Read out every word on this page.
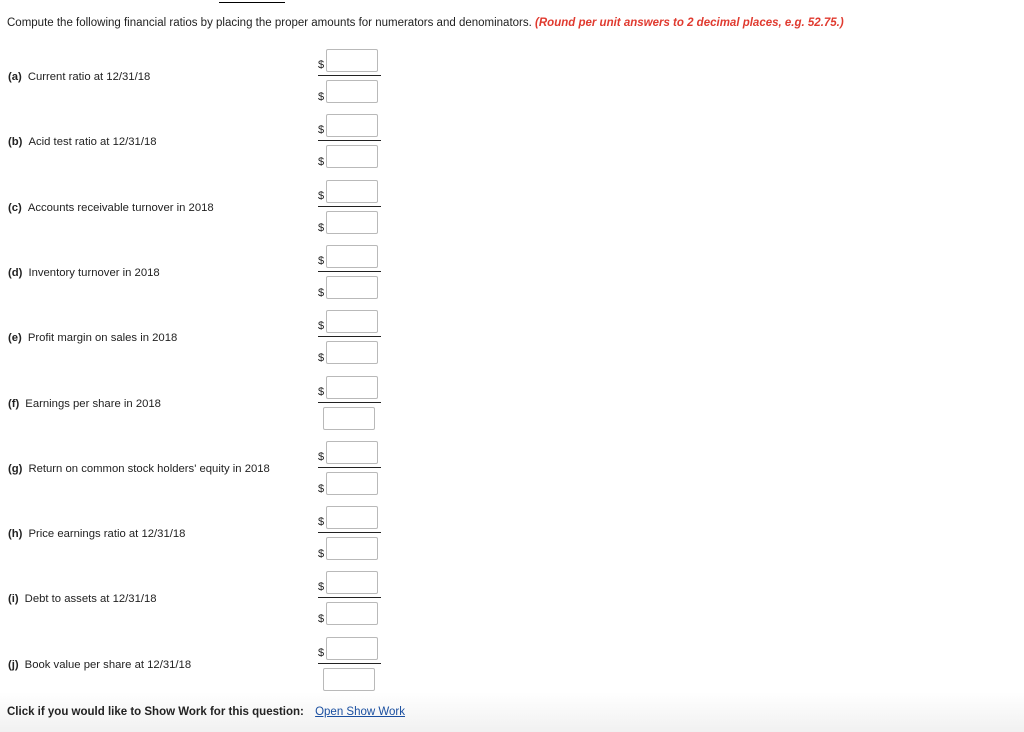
Compute the following financial ratios by placing the proper amounts for numerators and denominators. (Round per unit answers to 2 decimal places, e.g. 52.75.)
(a) Current ratio at 12/31/18
$
$
(b) Acid test ratio at 12/31/18
$
$
(c) Accounts receivable turnover in 2018
$
$
(d) Inventory turnover in 2018
$
$
(e) Profit margin on sales in 2018
$
$
(f) Earnings per share in 2018
$
(g) Return on common stock holders' equity in 2018
$
$
(h) Price earnings ratio at 12/31/18
$
$
(i) Debt to assets at 12/31/18
$
$
(j) Book value per share at 12/31/18
$
Click if you would like to Show Work for this question: Open Show Work
